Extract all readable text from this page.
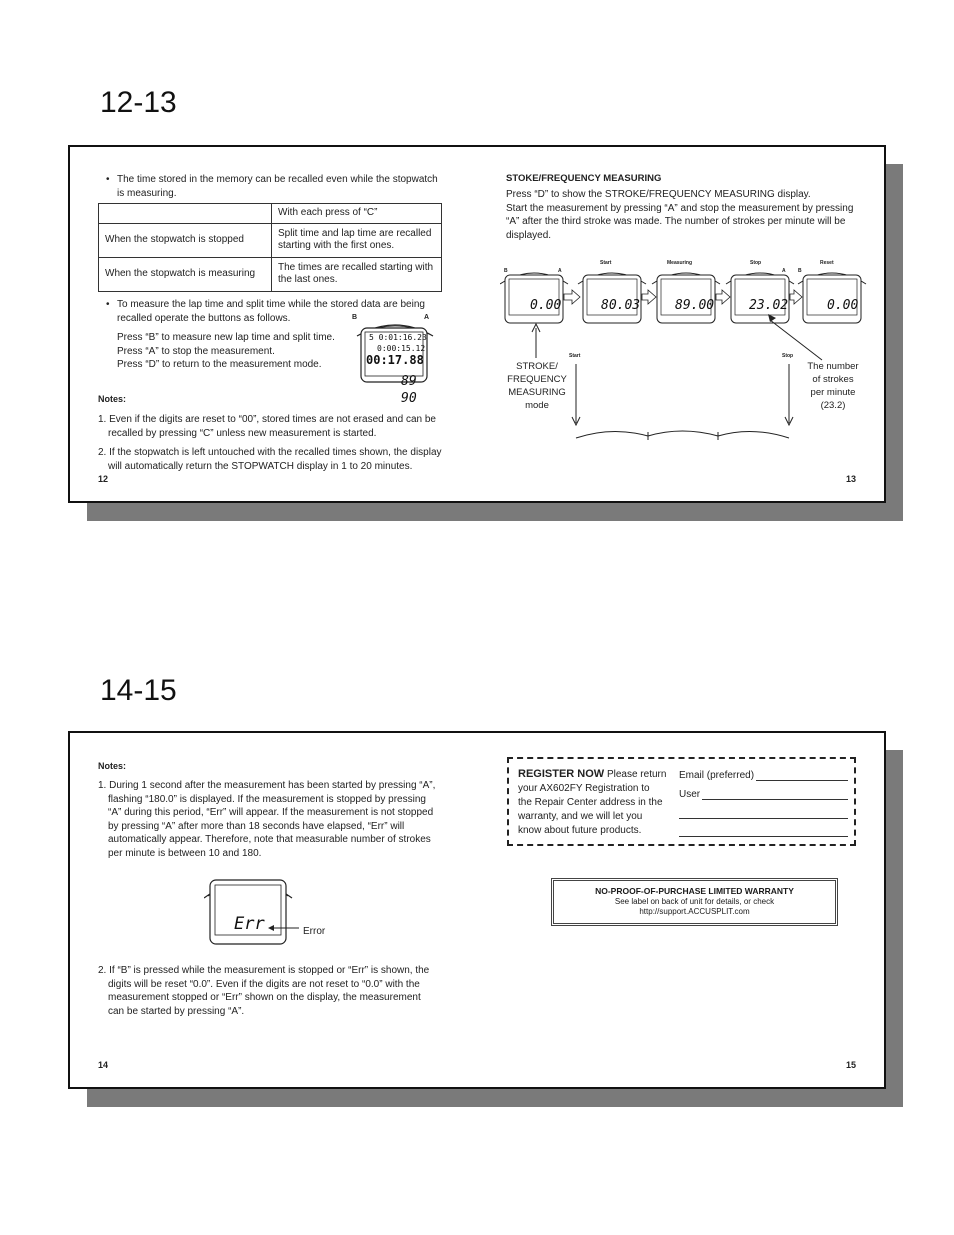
12-13
• The time stored in the memory can be recalled even while the stopwatch
is measuring.
	With each press of “C”
When the stopwatch is stopped	Split time and lap time are recalled
starting with the first ones.

When the stopwatch is measuring	The times are recalled starting with
the last ones.
• To measure the lap time and split time while the stored data are being
recalled operate the buttons as follows.
Press “B” to measure new lap time and split time.
Press “A” to stop the measurement.
Press “D” to return to the measurement mode.
B	A
5 0:01:16.23
0:00:15.12
00:17.88
89
90
Notes:
1. Even if the digits are reset to “00”, stored times are not erased and can be
recalled by pressing “C” unless new measurement is started.
2. If the stopwatch is left untouched with the recalled times shown, the display
will automatically return the STOPWATCH display in 1 to 20 minutes.
12
STOKE/FREQUENCY MEASURING
Press “D” to show the STROKE/FREQUENCY MEASURING display.
Start the measurement by pressing “A” and stop the measurement by pressing
“A” after the third stroke was made. The number of strokes per minute will be
displayed.
Start	Measuring	Stop	Reset
B	A	A B
0.00	80.03	89.00	23.02	0.00
STROKE/
FREQUENCY
MEASURING
mode
The number
of strokes
per minute
(23.2)
Start	Stop
13
14-15
Notes:
1. During 1 second after the measurement has been started by pressing “A”,
flashing “180.0” is displayed. If the measurement is stopped by pressing
“A” during this period, “Err” will appear. If the measurement is not stopped
by pressing “A” after more than 18 seconds have elapsed, “Err” will
automatically appear. Therefore, note that measurable number of strokes
per minute is between 10 and 180.
Err	Error
2. If “B” is pressed while the measurement is stopped or “Err” is shown, the
digits will be reset “0.0”. Even if the digits are not reset to “0.0” with the
measurement stopped or “Err” shown on the display, the measurement
can be started by pressing “A”.
14
REGISTER NOW Please return
your AX602FY Registration to
the Repair Center address in the
warranty, and we will let you
know about future products.
Email (preferred)
User
NO-PROOF-OF-PURCHASE LIMITED WARRANTY
See label on back of unit for details, or check
http://support.ACCUSPLIT.com
15
